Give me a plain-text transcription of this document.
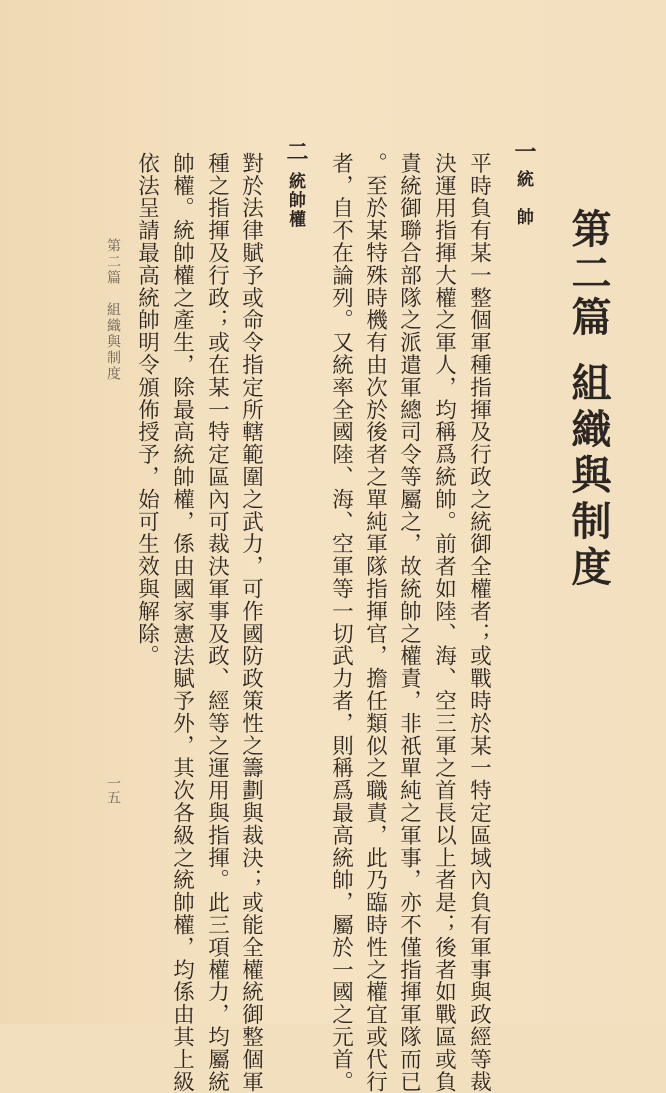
第二篇
組織與制度
一
統　帥
平時負有某一整個軍種指揮及行政之統御全權者；或戰時於某一特定區域內負有軍事與政經等裁
決運用指揮大權之軍人，均稱爲統帥。前者如陸、海、空三軍之首長以上者是；後者如戰區或負
責統御聯合部隊之派遣軍總司令等屬之，故統帥之權責，非祇單純之軍事，亦不僅指揮軍隊而已
。至於某特殊時機有由次於後者之單純軍隊指揮官，擔任類似之職責，此乃臨時性之權宜或代行
者，自不在論列。又統率全國陸、海、空軍等一切武力者，則稱爲最高統帥，屬於一國之元首。
二
統帥權
對於法律賦予或命令指定所轄範圍之武力，可作國防政策性之籌劃與裁決；或能全權統御整個軍
種之指揮及行政；或在某一特定區內可裁決軍事及政、經等之運用與指揮。此三項權力，均屬統
帥權。統帥權之產生，除最高統帥權，係由國家憲法賦予外，其次各級之統帥權，均係由其上級
依法呈請最高統帥明令頒佈授予，始可生效與解除。
第二篇　組織與制度
一五
